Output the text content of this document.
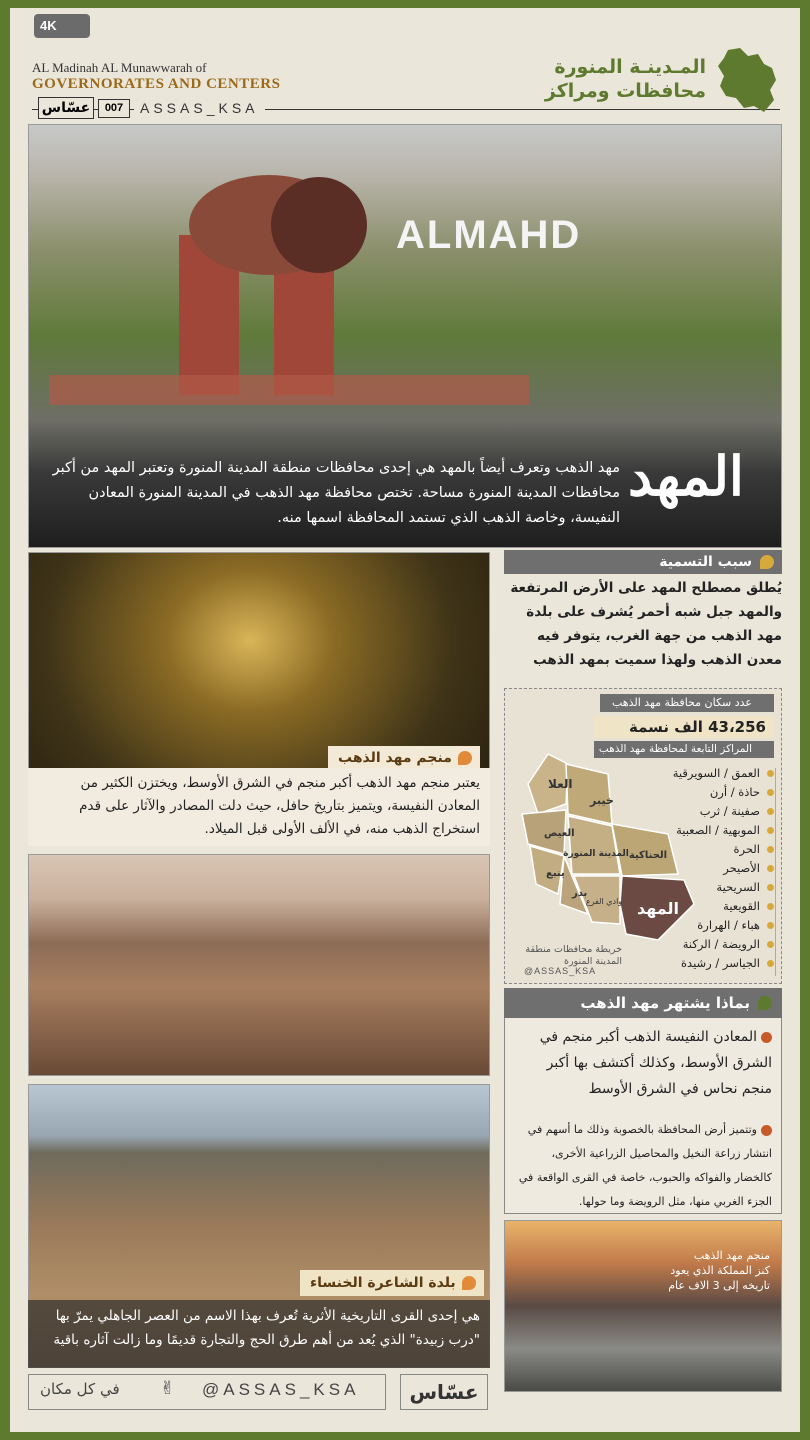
4K
AL Madinah AL Munawwarah of
GOVERNORATES AND CENTERS
عسّاس	007	ASSAS_KSA
المـدينـة المنورة
محافظات ومراكز
ALMAHD
المهد
مهد الذهب وتعرف أيضاً بالمهد هي إحدى محافظات منطقة المدينة المنورة وتعتبر المهد من أكبر محافظات المدينة المنورة مساحة. تختص محافظة مهد الذهب في المدينة المنورة المعادن النفيسة، وخاصة الذهب الذي تستمد المحافظة اسمها منه.
سبب التسمية
يُطلق مصطلح المهد على الأرض المرتفعة والمهد جبل شبه أحمر يُشرف على بلدة مهد الذهب من جهة الغرب، يتوفر فيه معدن الذهب ولهذا سميت بمهد الذهب
منجم مهد الذهب
يعتبر منجم مهد الذهب أكبر منجم في الشرق الأوسط، ويختزن الكثير من المعادن النفيسة، ويتميز بتاريخ حافل، حيث دلت المصادر والآثار على قدم استخراج الذهب منه، في الألف الأولى قبل الميلاد.
عدد سكان محافظة مهد الذهب
43،256 الف نسمة
المراكز التابعة لمحافظة مهد الذهب
العمق / السويرقية
حاذة / أرن
صفينة / ثرب
الموبهية / الصعبية
الحرة
الأصيحر
السريحية
القويعية
هباء / الهرارة
الرويضة / الركنة
الجياسر / رشيدة
العلا
خيبر
العيص
المدينة المنورة الحناكية
ينبع
بدر
وادي الفرع المهد
خريطة محافظات منطقة المدينة المنورة
@ASSAS_KSA
بماذا يشتهر مهد الذهب
المعادن النفيسة الذهب أكبر منجم في الشرق الأوسط، وكذلك أكتشف بها أكبر منجم نحاس في الشرق الأوسط
وتتميز أرض المحافظة بالخصوبة وذلك ما أسهم في انتشار زراعة النخيل والمحاصيل الزراعية الأخرى، كالخضار والفواكه والحبوب، خاصة في القرى الواقعة في الجزء الغربي منها، مثل الرويضة وما حولها.
منجم مهد الذهب
كنز المملكة الذي يعود
تاريخه إلى 3 الاف عام
بلدة الشاعرة الخنساء
هي إحدى القرى التاريخية الأثرية تُعرف بهذا الاسم من العصر الجاهلي يمرّ بها "درب زبيدة" الذي يُعد من أهم طرق الحج والتجارة قديمًا وما زالت آثاره باقية
@ASSAS_KSA
✌
في كل مكان	عسّاس
